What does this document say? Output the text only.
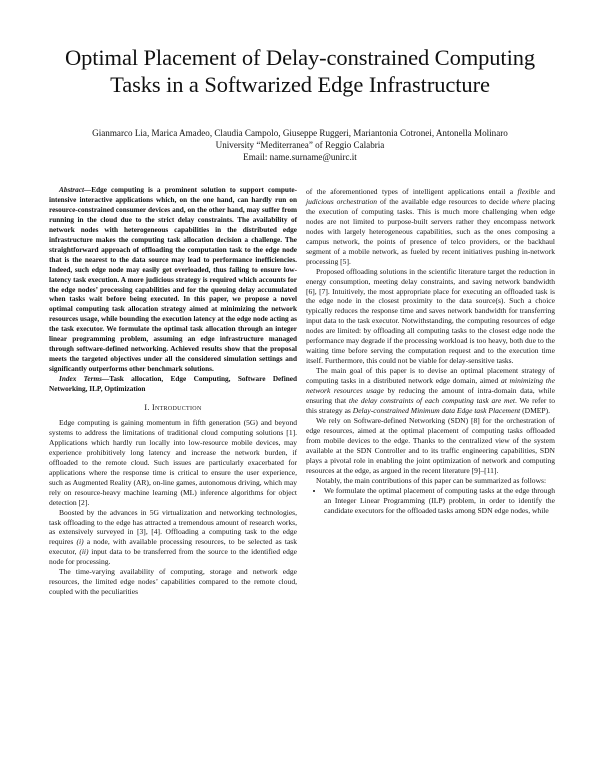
Optimal Placement of Delay-constrained Computing
Tasks in a Softwarized Edge Infrastructure
Gianmarco Lia, Marica Amadeo, Claudia Campolo, Giuseppe Ruggeri, Mariantonia Cotronei, Antonella Molinaro
University “Mediterranea” of Reggio Calabria
Email: name.surname@unirc.it

Abstract—Edge computing is a prominent solution to support compute-intensive interactive applications which, on the one hand, can hardly run on resource-constrained consumer devices and, on the other hand, may suffer from running in the cloud due to the strict delay constraints. The availability of network nodes with heterogeneous capabilities in the distributed edge infrastructure makes the computing task allocation decision a challenge. The straightforward approach of offloading the computation task to the edge node that is the nearest to the data source may lead to performance inefficiencies. Indeed, such edge node may easily get overloaded, thus failing to ensure low-latency task execution. A more judicious strategy is required which accounts for the edge nodes’ processing capabilities and for the queuing delay accumulated when tasks wait before being executed. In this paper, we propose a novel optimal computing task allocation strategy aimed at minimizing the network resources usage, while bounding the execution latency at the edge node acting as the task executor. We formulate the optimal task allocation through an integer linear programming problem, assuming an edge infrastructure managed through software-defined networking. Achieved results show that the proposal meets the targeted objectives under all the considered simulation settings and significantly outperforms other benchmark solutions.

Index Terms—Task allocation, Edge Computing, Software Defined Networking, ILP, Optimization

I. Introduction

Edge computing is gaining momentum in fifth generation (5G) and beyond systems to address the limitations of traditional cloud computing solutions [1]. Applications which hardly run locally into low-resource mobile devices, may experience prohibitively long latency and increase the network burden, if offloaded to the remote cloud. Such issues are particularly exacerbated for applications where the response time is critical to ensure the user experience, such as Augmented Reality (AR), on-line games, autonomous driving, which may rely on resource-heavy machine learning (ML) inference algorithms for object detection [2].

Boosted by the advances in 5G virtualization and networking technologies, task offloading to the edge has attracted a tremendous amount of research works, as extensively surveyed in [3], [4]. Offloading a computing task to the edge requires (i) a node, with available processing resources, to be selected as task executor, (ii) input data to be transferred from the source to the identified edge node for processing.

The time-varying availability of computing, storage and network edge resources, the limited edge nodes’ capabilities compared to the remote cloud, coupled with the peculiarities

of the aforementioned types of intelligent applications entail a flexible and judicious orchestration of the available edge resources to decide where placing the execution of computing tasks. This is much more challenging when edge nodes are not limited to purpose-built servers rather they encompass network nodes with largely heterogeneous capabilities, such as the ones composing a campus network, the points of presence of telco providers, or the backhaul segment of a mobile network, as fueled by recent initiatives pushing in-network processing [5].

Proposed offloading solutions in the scientific literature target the reduction in energy consumption, meeting delay constraints, and saving network bandwidth [6], [7]. Intuitively, the most appropriate place for executing an offloaded task is the edge node in the closest proximity to the data source(s). Such a choice typically reduces the response time and saves network bandwidth for transferring input data to the task executor. Notwithstanding, the computing resources of edge nodes are limited: by offloading all computing tasks to the closest edge node the performance may degrade if the processing workload is too heavy, both due to the waiting time before serving the computation request and to the execution time itself. Furthermore, this could not be viable for delay-sensitive tasks.

The main goal of this paper is to devise an optimal placement strategy of computing tasks in a distributed network edge domain, aimed at minimizing the network resources usage by reducing the amount of intra-domain data, while ensuring that the delay constraints of each computing task are met. We refer to this strategy as Delay-constrained Minimum data Edge task Placement (DMEP).

We rely on Software-defined Networking (SDN) [8] for the orchestration of edge resources, aimed at the optimal placement of computing tasks offloaded from mobile devices to the edge. Thanks to the centralized view of the system available at the SDN Controller and to its traffic engineering capabilities, SDN plays a pivotal role in enabling the joint optimization of network and computing resources at the edge, as argued in the recent literature [9]–[11].

Notably, the main contributions of this paper can be summarized as follows:

• We formulate the optimal placement of computing tasks at the edge through an Integer Linear Programming (ILP) problem, in order to identify the candidate executors for the offloaded tasks among SDN edge nodes, while
